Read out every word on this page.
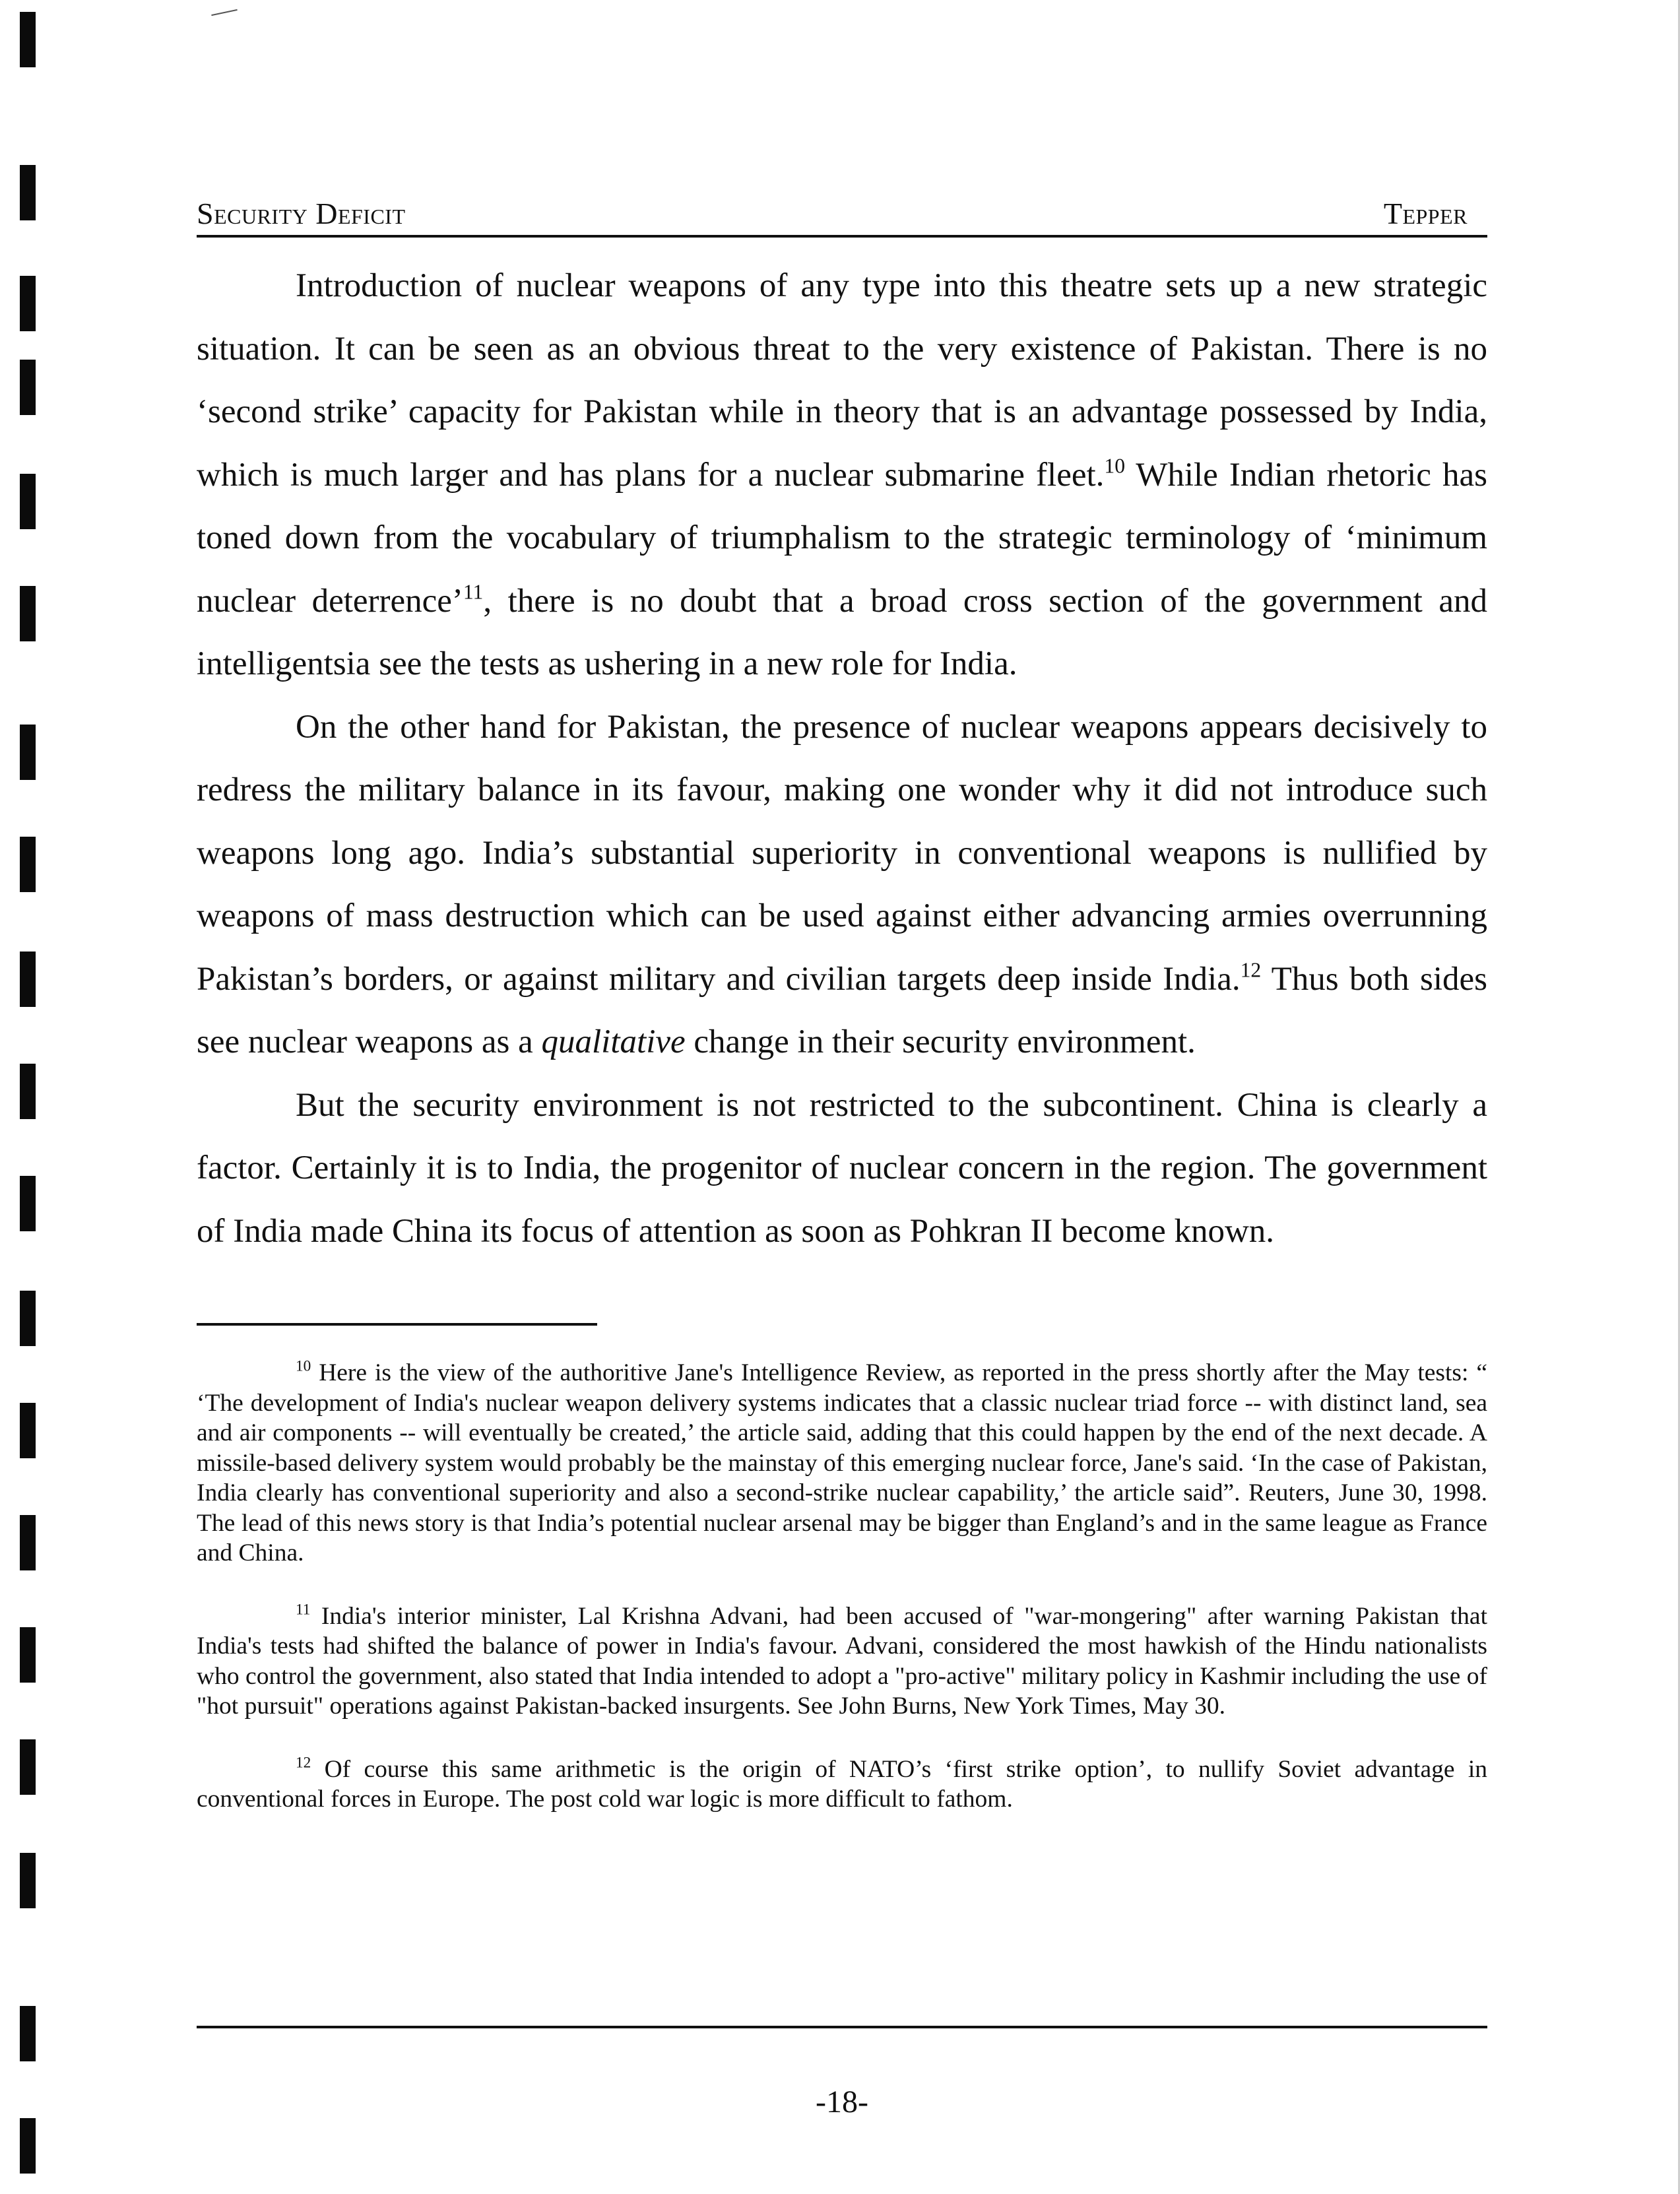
Security Deficit	Tepper

Introduction of nuclear weapons of any type into this theatre sets up a new strategic situation. It can be seen as an obvious threat to the very existence of Pakistan. There is no ‘second strike’ capacity for Pakistan while in theory that is an advantage possessed by India, which is much larger and has plans for a nuclear submarine fleet.$^{10}$ While Indian rhetoric has toned down from the vocabulary of triumphalism to the strategic terminology of ‘minimum nuclear deterrence’$^{11}$, there is no doubt that a broad cross section of the government and intelligentsia see the tests as ushering in a new role for India.

On the other hand for Pakistan, the presence of nuclear weapons appears decisively to redress the military balance in its favour, making one wonder why it did not introduce such weapons long ago. India’s substantial superiority in conventional weapons is nullified by weapons of mass destruction which can be used against either advancing armies overrunning Pakistan’s borders, or against military and civilian targets deep inside India.$^{12}$ Thus both sides see nuclear weapons as a qualitative change in their security environment.

But the security environment is not restricted to the subcontinent. China is clearly a factor. Certainly it is to India, the progenitor of nuclear concern in the region. The government of India made China its focus of attention as soon as Pohkran II become known.

$^{10}$ Here is the view of the authoritive Jane's Intelligence Review, as reported in the press shortly after the May tests: “ ‘The development of India's nuclear weapon delivery systems indicates that a classic nuclear triad force -- with distinct land, sea and air components -- will eventually be created,’ the article said, adding that this could happen by the end of the next decade. A missile-based delivery system would probably be the mainstay of this emerging nuclear force, Jane's said. ‘In the case of Pakistan, India clearly has conventional superiority and also a second-strike nuclear capability,’ the article said”. Reuters, June 30, 1998. The lead of this news story is that India’s potential nuclear arsenal may be bigger than England’s and in the same league as France and China.

$^{11}$ India's interior minister, Lal Krishna Advani, had been accused of "war-mongering" after warning Pakistan that India's tests had shifted the balance of power in India's favour. Advani, considered the most hawkish of the Hindu nationalists who control the government, also stated that India intended to adopt a "pro-active" military policy in Kashmir including the use of "hot pursuit" operations against Pakistan-backed insurgents. See John Burns, New York Times, May 30.

$^{12}$ Of course this same arithmetic is the origin of NATO’s ‘first strike option’, to nullify Soviet advantage in conventional forces in Europe. The post cold war logic is more difficult to fathom.

-18-
